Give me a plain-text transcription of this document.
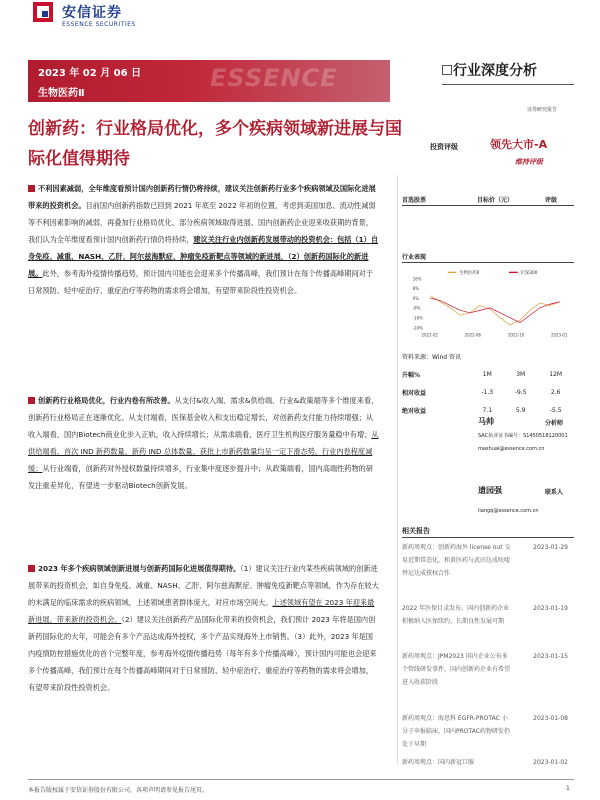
安信证券
ESSENCE SECURITIES
ESSENCE
2023 年 02 月 06 日
生物医药Ⅱ
行业深度分析
证券研究报告
创新药：行业格局优化，多个疾病领域新进展与国际化值得期待
投资评级	领先大市-A
维持评级
不利因素减弱，全年维度看预计国内创新药行情仍将持续，建议关注创新药行业多个疾病领域及国际化进展带来的投资机会。目前国内创新药指数已回到 2021 年底至 2022 年初的位置，考虑到美国加息、流动性减弱等不利因素影响的减弱，再叠加行业格局优化、部分疾病领域取得进展、国内创新药企业迎来收获期的背景，我们认为全年维度看预计国内创新药行情仍将持续，建议关注行业内创新药发展带动的投资机会：包括（1）自身免疫、减重、NASH、乙肝、阿尔兹海默症、肿瘤免疫新靶点等领域的新进展，（2）创新药国际化的新进展。此外，参考海外疫情传播趋势，预计国内可能也会迎来多个传播高峰，我们预计在每个传播高峰期间对于日常预防、轻中症治疗、重症治疗等药物的需求将会增加，有望带来阶段性投资机会。
创新药行业格局优化，行业内卷有所改善。从支付&收入端、需求&供给端、行业&政策端等多个维度来看，创新药行业格局正在逐渐优化。从支付端看，医保基金收入和支出稳定增长，对创新药支付能力持续增强；从收入端看，国内Biotech商业化步入正轨，收入持续增长；从需求端看，医疗卫生机构医疗服务量稳中有增；从供给端看，首次 IND 新药数量、新药 IND 总体数量、获批上市新药数量均呈一定下滑态势，行业内卷程度减缓；从行业端看，创新药对外授权数量持续增多，行业集中度逐步提升中；从政策端看，国内高端性药物的研发注重差异化，有望进一步驱动Biotech创新发展。
2023 年多个疾病领域创新进展与创新药国际化进展值得期待。（1）建议关注行业内某些疾病领域的创新进展带来的投资机会，如自身免疫、减重、NASH、乙肝、阿尔兹海默症、肿瘤免疫新靶点等领域，作为存在较大的未满足的临床需求的疾病领域，上述领域患者群体庞大，对应市场空间大。上述领域有望在 2023 年迎来最新进展，带来新的投资机会。（2）建议关注创新药产品国际化带来的投资机会，我们预计 2023 年将是国内创新药国际化的大年，可能会有多个产品达成海外授权，多个产品实现海外上市销售。（3）此外，2023 年是国内疫情防控措施优化的首个完整年度，参考海外疫情传播趋势（每年有多个传播高峰），预计国内可能也会迎来多个传播高峰，我们预计在每个传播高峰期间对于日常预防、轻中症治疗、重症治疗等药物的需求将会增加，有望带来阶段性投资机会。
首选股票	目标价（元）	评级
行业表现
16%
8%
0%
-8%
-16%
-24%
2022-02	2022-06	2022-10	2023-01
生物医药II	沪深300
资料来源：Wind 资讯
升幅%	1M	3M	12M
相对收益	-1.3	-9.5	2.6
绝对收益	7.1	5.9	-5.5
马帅	分析师
SAC执业证书编号：S1450518120001
mashuai@essence.com.cn
遗园强	联系人
liangq@essence.com.cn
相关报告
新药周观点：创新药海外 license out 交易近期常态化，和黄医药与武田达成呋喹替尼达成授权合作
2023-01-29
2022 年医保目录发布，国内创新药企业积极纳入医保续约、长期良性发展可期
2023-01-19
新药周观点：JPM2023 国内企业公布多个管线研发事件，国内创新药企业有希望进入收获阶段
2023-01-15
新药周观点：海思科 EGFR-PROTAC 小分子申报临床，国内PROTAC药物研发仍处于早期
2023-01-08
新药周观点：国内新冠口服	2023-01-02
本报告版权属于安信证券股份有限公司，各项声明请参见报告尾页。	1
